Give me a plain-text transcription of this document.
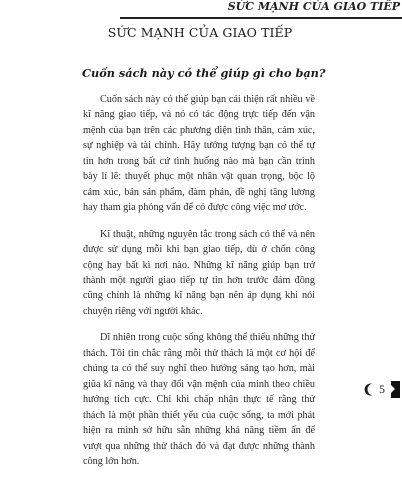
SỨC MẠNH CỦA GIAO TIẾP
SỨC MẠNH CỦA GIAO TIẾP
Cuốn sách này có thể giúp gì cho bạn?

Cuốn sách này có thể giúp bạn cải thiện rất nhiều về kĩ năng giao tiếp, và nó có tác động trực tiếp đến vận mệnh của bạn trên các phương diện tình thân, cảm xúc, sự nghiệp và tài chính. Hãy tưởng tượng bạn có thể tự tin hơn trong bất cứ tình huống nào mà bạn cần trình bày lí lẽ: thuyết phục một nhân vật quan trọng, bộc lộ cảm xúc, bán sản phẩm, đàm phán, đề nghị tăng lương hay tham gia phỏng vấn để có được công việc mơ ước.

Kĩ thuật, những nguyên tắc trong sách có thể và nên được sử dụng mỗi khi bạn giao tiếp, dù ở chốn công cộng hay bất kì nơi nào. Những kĩ năng giúp bạn trở thành một người giao tiếp tự tin hơn trước đám đông cũng chính là những kĩ năng bạn nên áp dụng khi nói chuyện riêng với người khác.

Dĩ nhiên trong cuộc sống không thể thiếu những thử thách. Tôi tin chắc rằng mỗi thử thách là một cơ hội để chúng ta có thể suy nghĩ theo hướng sáng tạo hơn, mài giũa kĩ năng và thay đổi vận mệnh của mình theo chiều hướng tích cực. Chỉ khi chấp nhận thực tế rằng thử thách là một phần thiết yếu của cuộc sống, ta mới phát hiện ra mình sở hữu sẵn những khả năng tiềm ẩn để vượt qua những thử thách đó và đạt được những thành công lớn hơn.

5
